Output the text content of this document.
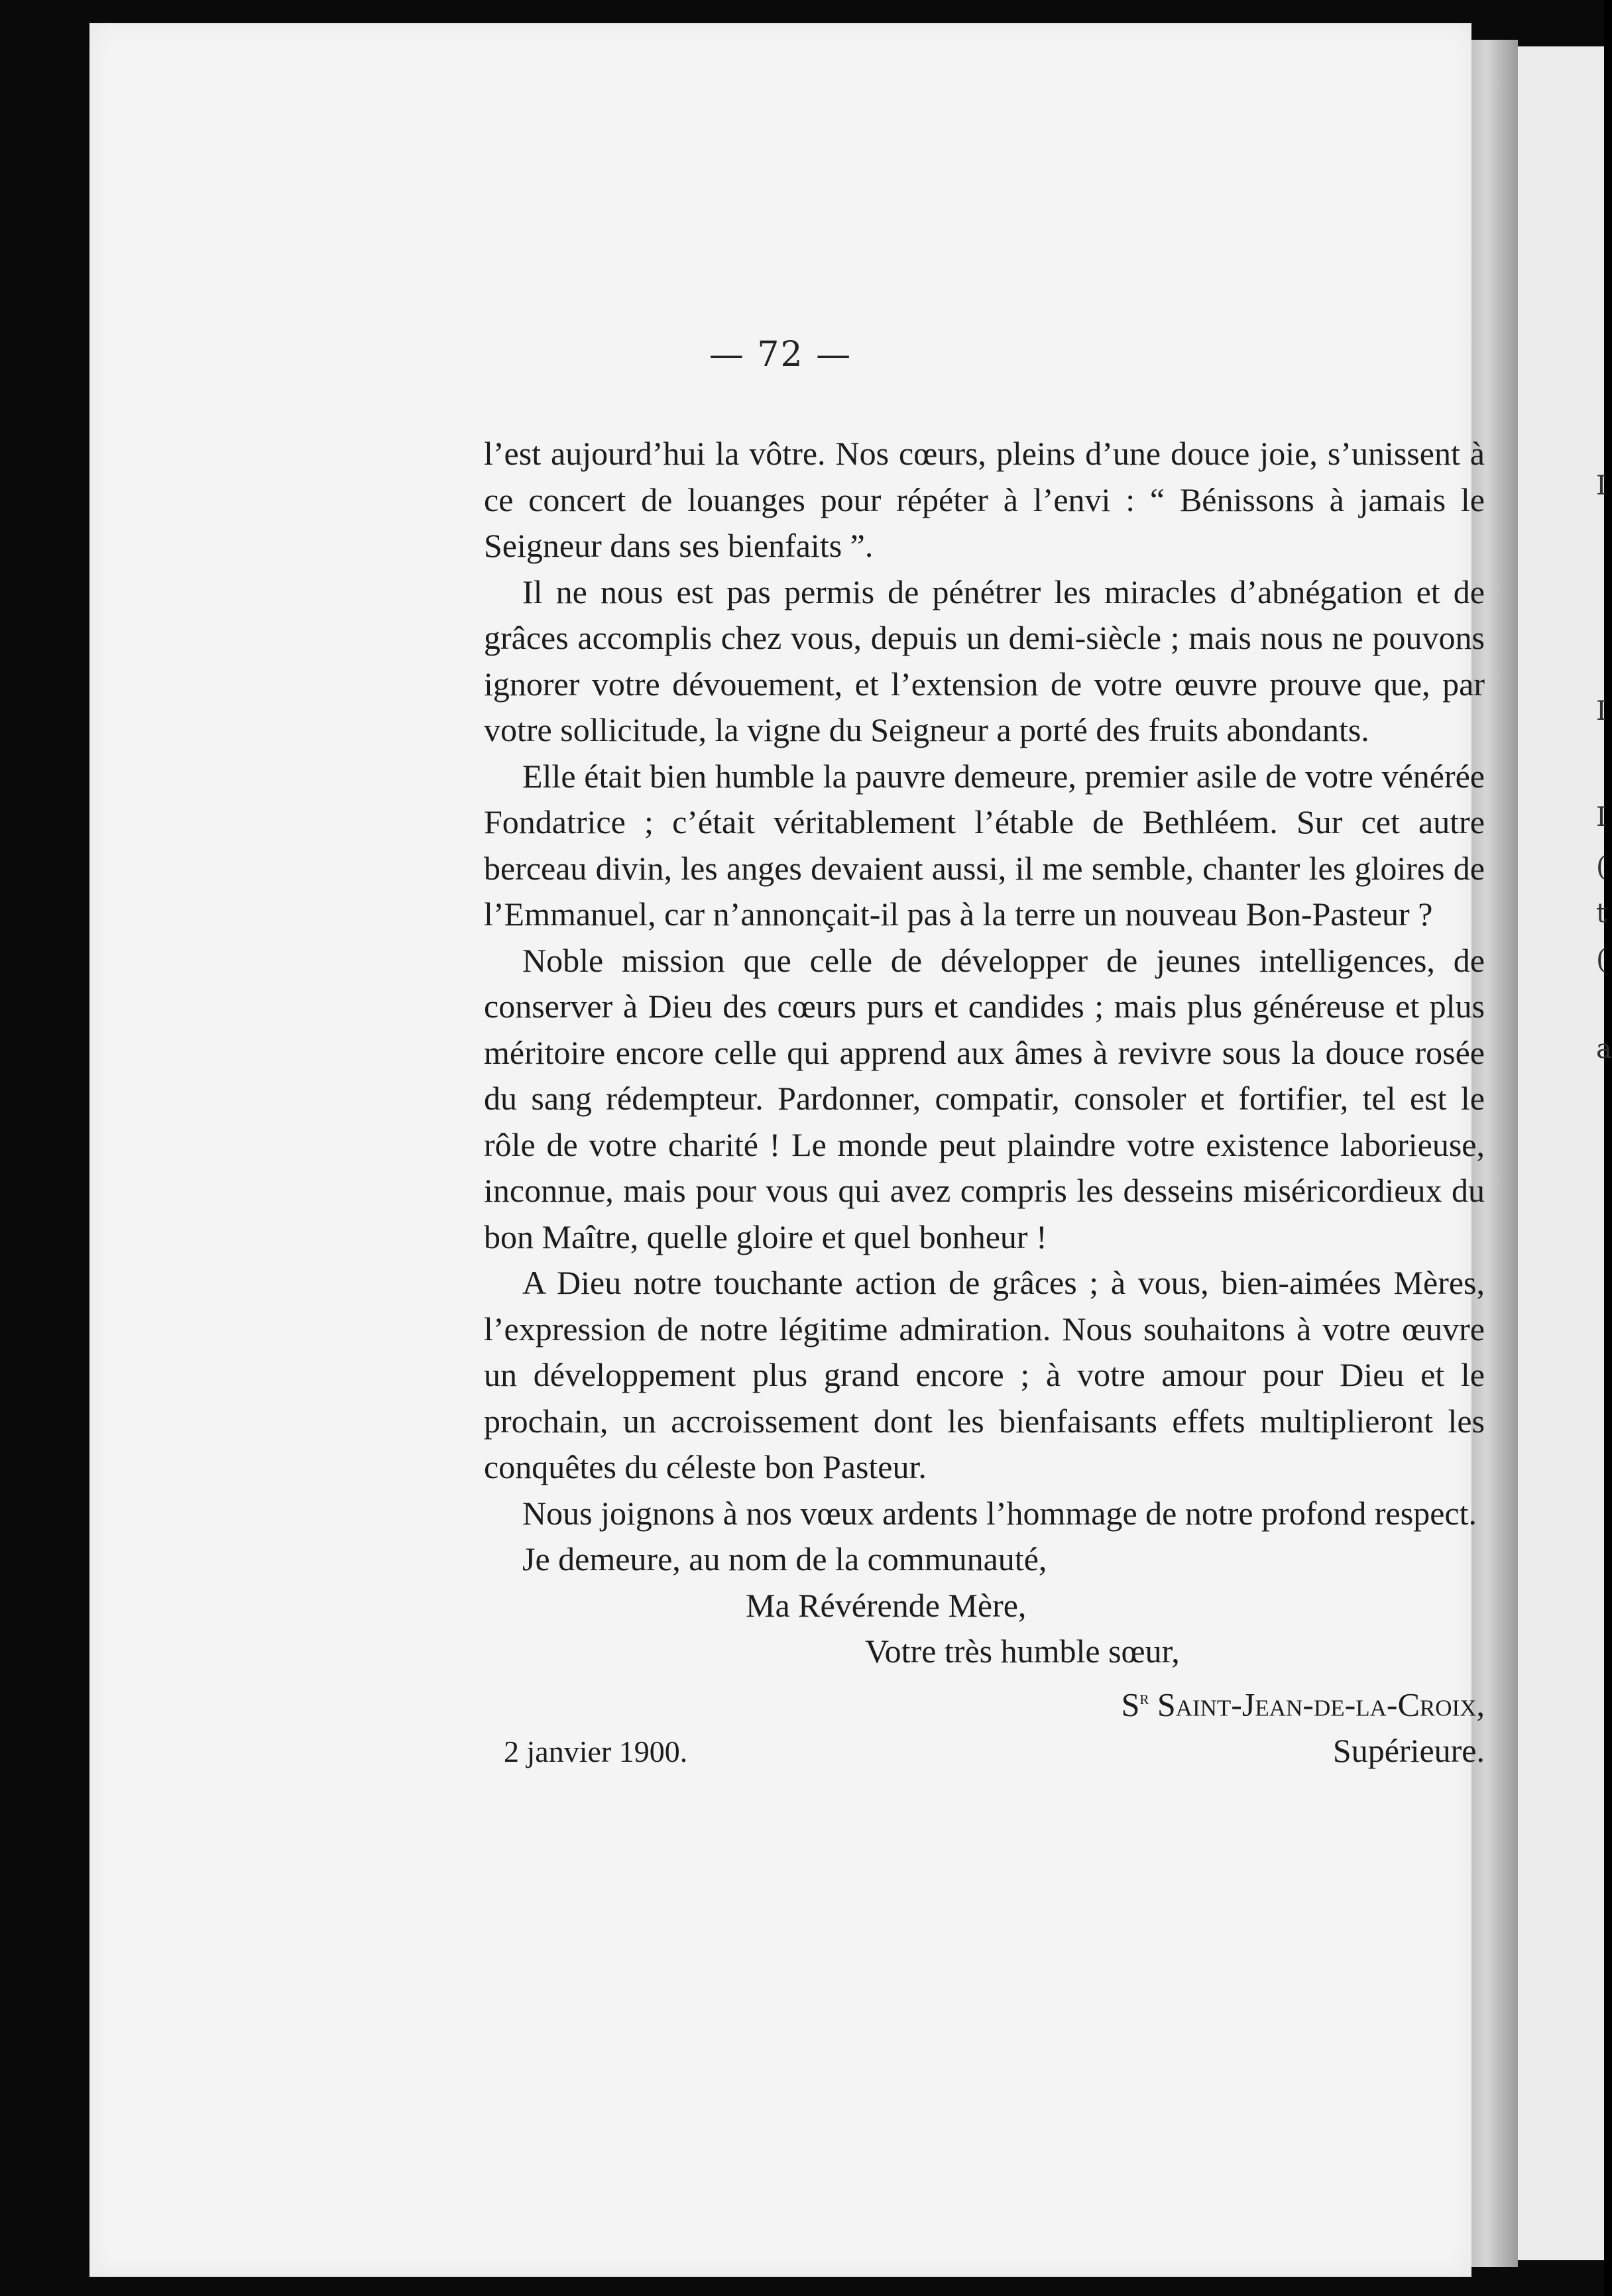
I
I
I
(
t
(
a
— 72 —

l’est aujourd’hui la vôtre. Nos cœurs, pleins d’une douce joie, s’unissent à ce concert de louanges pour répéter à l’envi : “ Bénissons à jamais le Seigneur dans ses bienfaits ”.

Il ne nous est pas permis de pénétrer les miracles d’abnégation et de grâces accomplis chez vous, depuis un demi-siècle ; mais nous ne pouvons ignorer votre dévouement, et l’extension de votre œuvre prouve que, par votre sollicitude, la vigne du Seigneur a porté des fruits abondants.

Elle était bien humble la pauvre demeure, premier asile de votre vénérée Fondatrice ; c’était véritablement l’étable de Bethléem. Sur cet autre berceau divin, les anges devaient aussi, il me semble, chanter les gloires de l’Emmanuel, car n’annonçait-il pas à la terre un nouveau Bon-Pasteur ?

Noble mission que celle de développer de jeunes intelligences, de conserver à Dieu des cœurs purs et candides ; mais plus généreuse et plus méritoire encore celle qui apprend aux âmes à revivre sous la douce rosée du sang rédempteur. Pardonner, compatir, consoler et fortifier, tel est le rôle de votre charité ! Le monde peut plaindre votre existence laborieuse, inconnue, mais pour vous qui avez compris les desseins miséricordieux du bon Maître, quelle gloire et quel bonheur !

A Dieu notre touchante action de grâces ; à vous, bien-aimées Mères, l’expression de notre légitime admiration. Nous souhaitons à votre œuvre un développement plus grand encore ; à votre amour pour Dieu et le prochain, un accroissement dont les bienfaisants effets multiplieront les conquêtes du céleste bon Pasteur.

Nous joignons à nos vœux ardents l’hommage de notre profond respect.

Je demeure, au nom de la communauté,

Ma Révérende Mère,

Votre très humble sœur,

$S^r$ Saint-Jean-de-la-Croix,

2 janvier 1900.	Supérieure.
